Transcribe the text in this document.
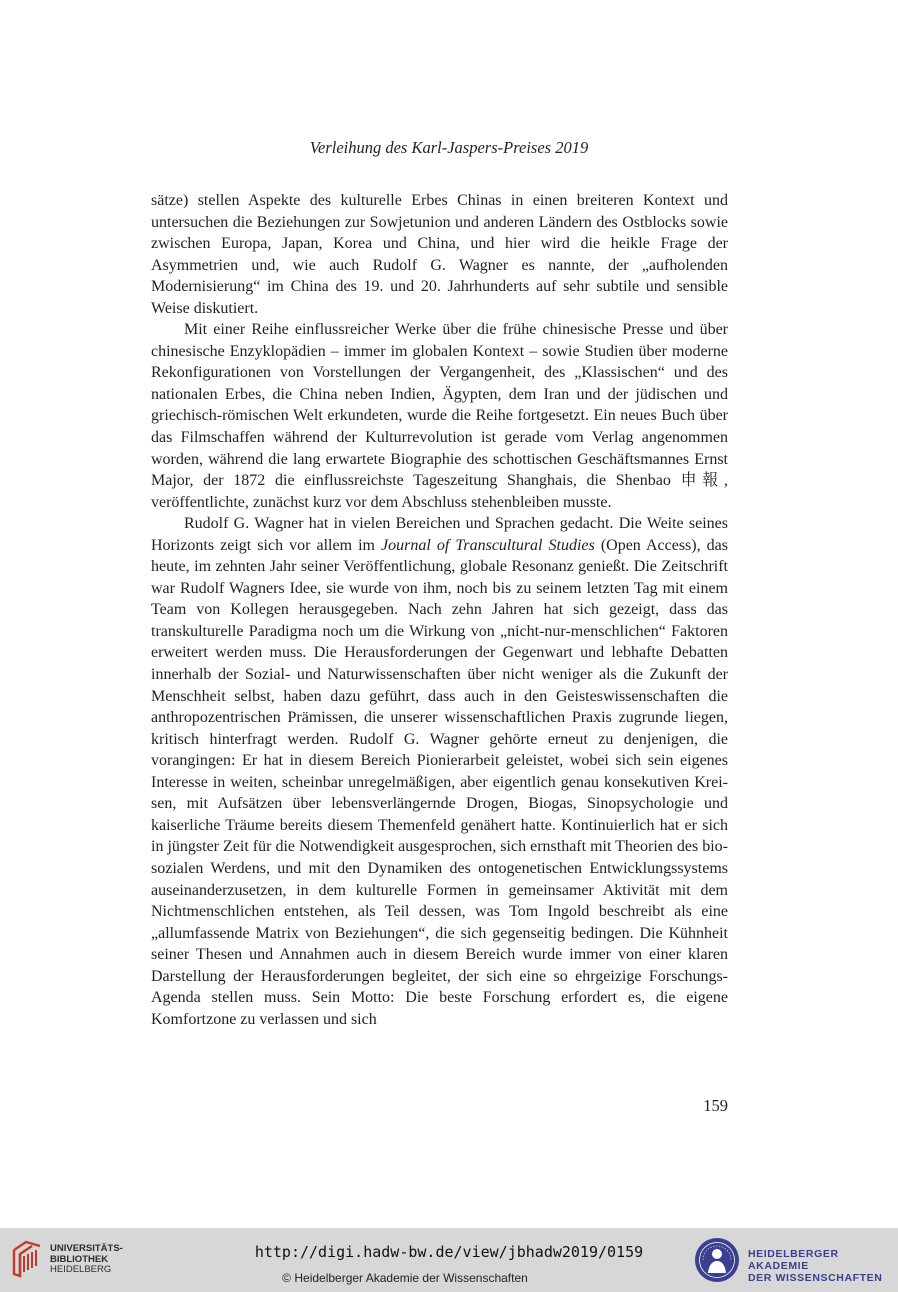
Verleihung des Karl-Jaspers-Preises 2019

sätze) stellen Aspekte des kulturelle Erbes Chinas in einen breiteren Kontext und untersuchen die Beziehungen zur Sowjetunion und anderen Ländern des Ostblocks sowie zwischen Europa, Japan, Korea und China, und hier wird die heikle Frage der Asymmetrien und, wie auch Rudolf G. Wagner es nannte, der „aufholenden Modernisierung“ im China des 19. und 20. Jahrhunderts auf sehr subtile und sensible Weise diskutiert.

Mit einer Reihe einflussreicher Werke über die frühe chinesische Presse und über chinesische Enzyklopädien – immer im globalen Kontext – sowie Studien über moderne Rekonfigurationen von Vorstellungen der Vergangenheit, des „Klassischen“ und des nationalen Erbes, die China neben Indien, Ägypten, dem Iran und der jüdischen und griechisch-römischen Welt erkundeten, wurde die Reihe fortgesetzt. Ein neues Buch über das Filmschaffen während der Kulturrevolution ist gerade vom Verlag angenommen worden, während die lang erwartete Biographie des schottischen Geschäftsmannes Ernst Major, der 1872 die einflussreichste Tageszeitung Shanghais, die Shenbao 申報, veröffentlichte, zunächst kurz vor dem Abschluss stehenbleiben musste.

Rudolf G. Wagner hat in vielen Bereichen und Sprachen gedacht. Die Weite seines Horizonts zeigt sich vor allem im Journal of Transcultural Studies (Open Access), das heute, im zehnten Jahr seiner Veröffentlichung, globale Resonanz genießt. Die Zeitschrift war Rudolf Wagners Idee, sie wurde von ihm, noch bis zu seinem letzten Tag mit einem Team von Kollegen herausgegeben. Nach zehn Jahren hat sich gezeigt, dass das transkulturelle Paradigma noch um die Wirkung von „nicht-nur-menschlichen“ Faktoren erweitert werden muss. Die Herausforderungen der Gegenwart und lebhafte Debatten innerhalb der Sozial- und Naturwissenschaften über nicht weniger als die Zukunft der Menschheit selbst, haben dazu geführt, dass auch in den Geisteswissenschaften die anthropozentrischen Prämissen, die unserer wissenschaftlichen Praxis zugrunde liegen, kritisch hinterfragt werden. Rudolf G. Wagner gehörte erneut zu denjenigen, die vorangingen: Er hat in diesem Bereich Pionierarbeit geleistet, wobei sich sein eigenes Interesse in weiten, scheinbar unregelmäßigen, aber eigentlich genau konsekutiven Kreisen, mit Aufsätzen über lebensverlängernde Drogen, Biogas, Sinopsychologie und kaiserliche Träume bereits diesem Themenfeld genähert hatte. Kontinuierlich hat er sich in jüngster Zeit für die Notwendigkeit ausgesprochen, sich ernsthaft mit Theorien des bio-sozialen Werdens, und mit den Dynamiken des ontogenetischen Entwicklungssystems auseinanderzusetzen, in dem kulturelle Formen in gemeinsamer Aktivität mit dem Nichtmenschlichen entstehen, als Teil dessen, was Tom Ingold beschreibt als eine „allumfassende Matrix von Beziehungen“, die sich gegenseitig bedingen. Die Kühnheit seiner Thesen und Annahmen auch in diesem Bereich wurde immer von einer klaren Darstellung der Herausforderungen begleitet, der sich eine so ehrgeizige Forschungs-Agenda stellen muss. Sein Motto: Die beste Forschung erfordert es, die eigene Komfortzone zu verlassen und sich

159
UNIVERSITÄTS-
BIBLIOTHEK
HEIDELBERG
http://digi.hadw-bw.de/view/jbhadw2019/0159
© Heidelberger Akademie der Wissenschaften
HEIDELBERGER AKADEMIE
DER WISSENSCHAFTEN
